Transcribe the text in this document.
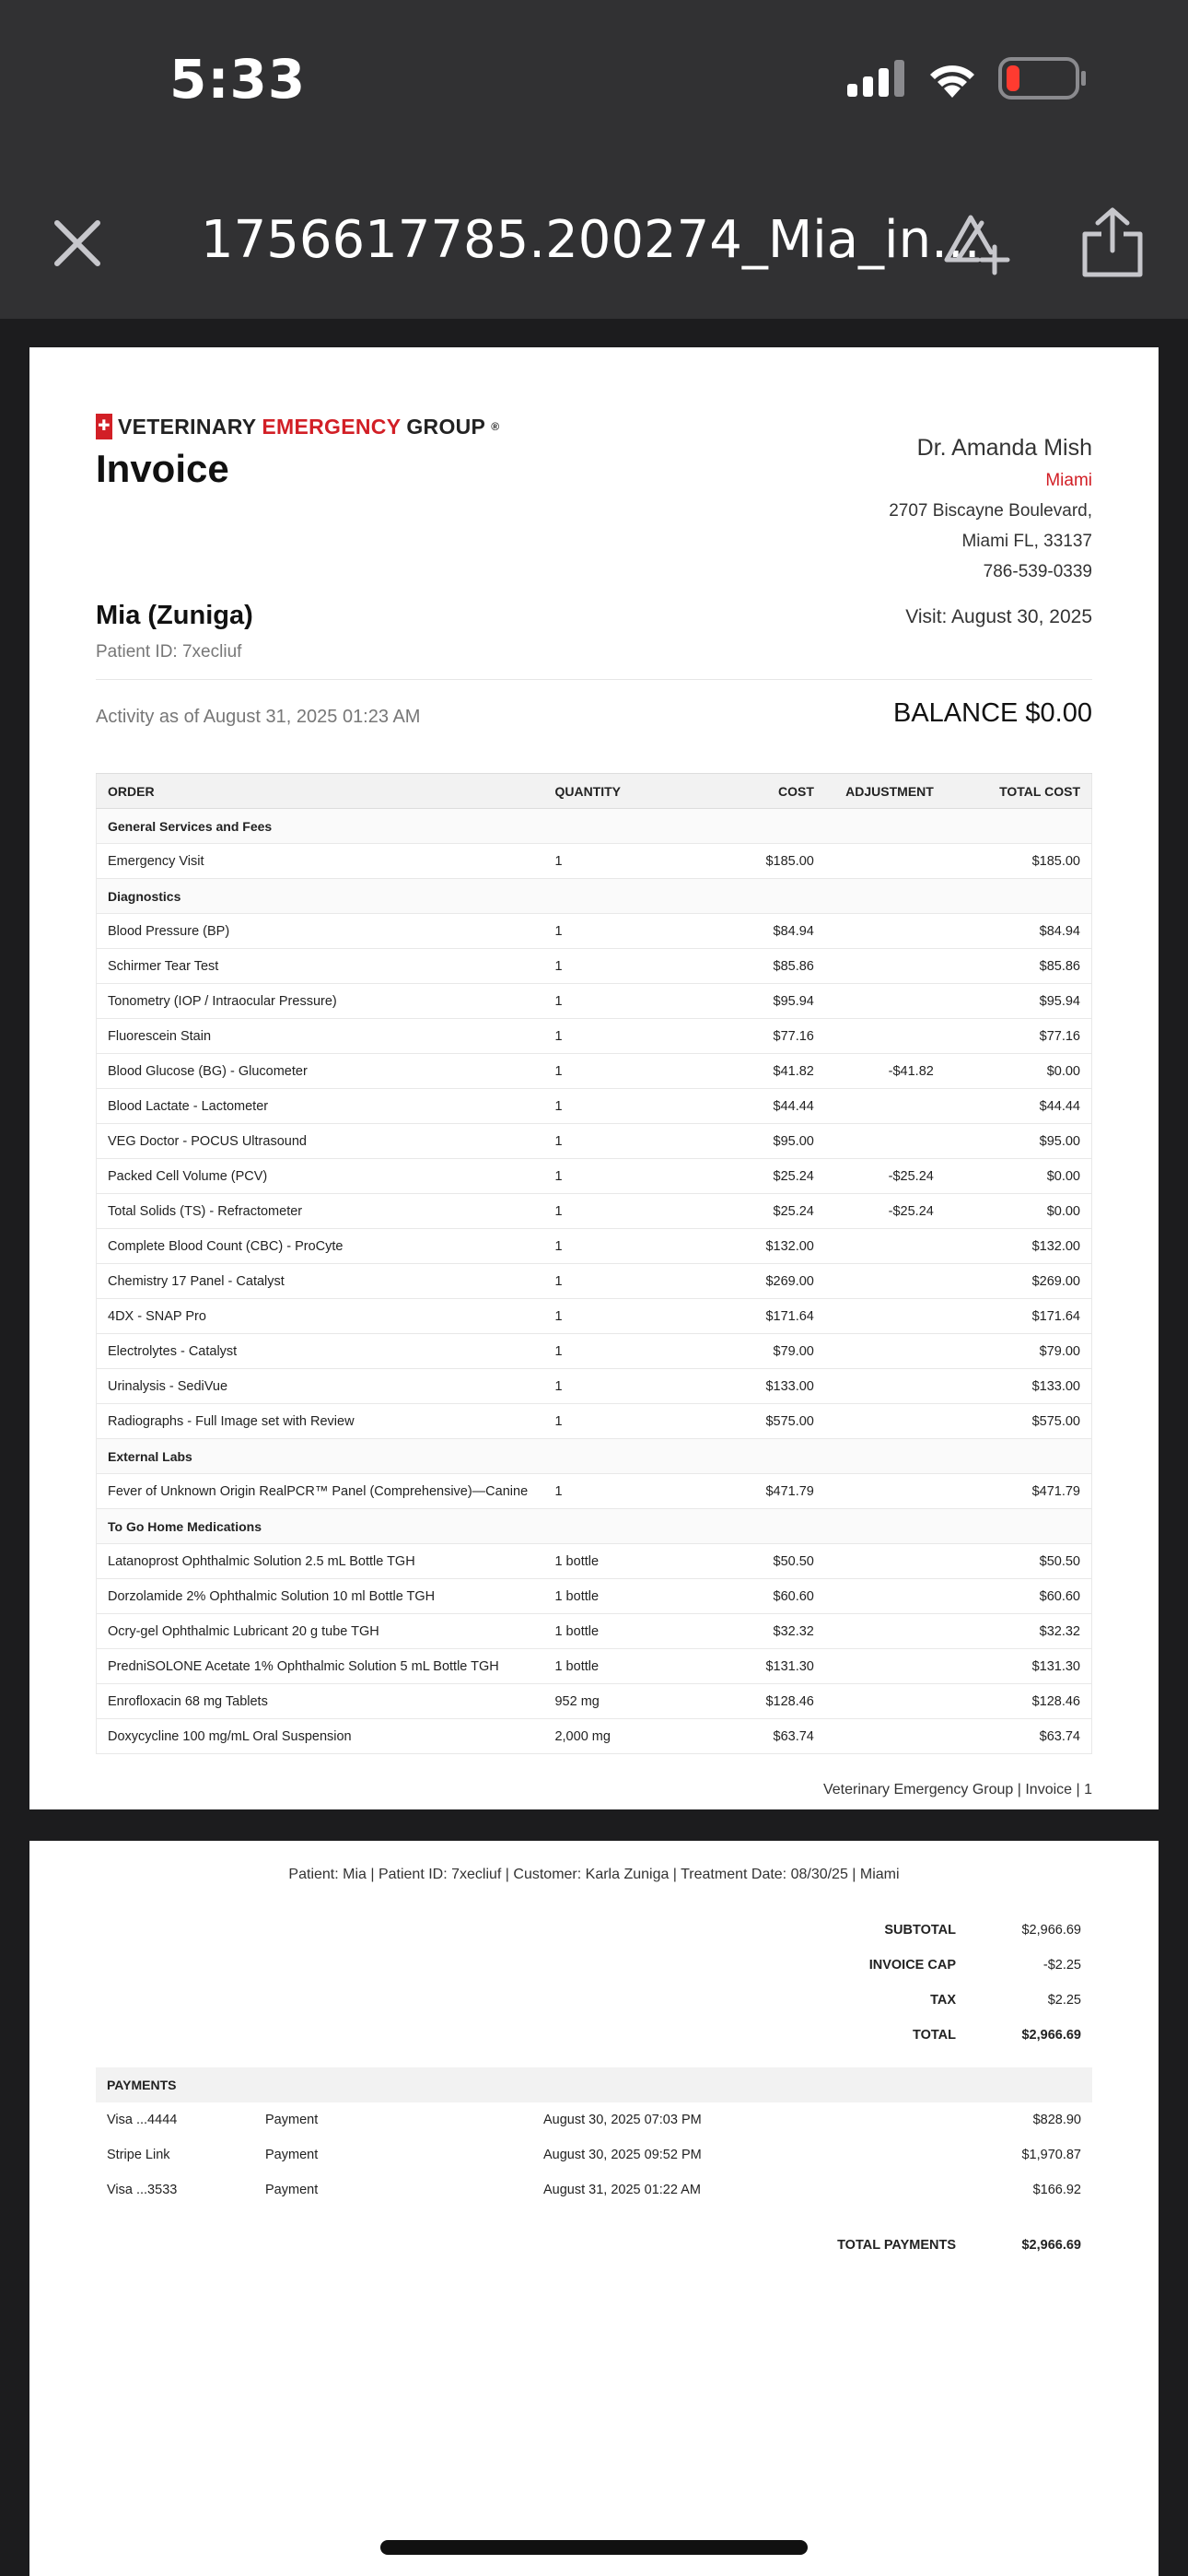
5:33
1756617785.200274_Mia_in...
✚ VETERINARY EMERGENCY GROUP ®
Invoice	Dr. Amanda Mish
Miami
2707 Biscayne Boulevard,
Miami FL, 33137
786-539-0339
Mia (Zuniga)
Patient ID: 7xecliuf
Visit: August 30, 2025
Activity as of August 31, 2025 01:23 AM	BALANCE $0.00
ORDER	QUANTITY	COST	ADJUSTMENT	TOTAL COST
General Services and Fees				
Emergency Visit	1	$185.00		$185.00
Diagnostics				
Blood Pressure (BP)	1	$84.94		$84.94
Schirmer Tear Test	1	$85.86		$85.86
Tonometry (IOP / Intraocular Pressure)	1	$95.94		$95.94
Fluorescein Stain	1	$77.16		$77.16
Blood Glucose (BG) - Glucometer	1	$41.82	-$41.82	$0.00
Blood Lactate - Lactometer	1	$44.44		$44.44
VEG Doctor - POCUS Ultrasound	1	$95.00		$95.00
Packed Cell Volume (PCV)	1	$25.24	-$25.24	$0.00
Total Solids (TS) - Refractometer	1	$25.24	-$25.24	$0.00
Complete Blood Count (CBC) - ProCyte	1	$132.00		$132.00
Chemistry 17 Panel - Catalyst	1	$269.00		$269.00
4DX - SNAP Pro	1	$171.64		$171.64
Electrolytes - Catalyst	1	$79.00		$79.00
Urinalysis - SediVue	1	$133.00		$133.00
Radiographs - Full Image set with Review	1	$575.00		$575.00
External Labs				
Fever of Unknown Origin RealPCR™ Panel (Comprehensive)—Canine	1	$471.79		$471.79
To Go Home Medications				
Latanoprost Ophthalmic Solution 2.5 mL Bottle TGH	1 bottle	$50.50		$50.50
Dorzolamide 2% Ophthalmic Solution 10 ml Bottle TGH	1 bottle	$60.60		$60.60
Ocry-gel Ophthalmic Lubricant 20 g tube TGH	1 bottle	$32.32		$32.32
PredniSOLONE Acetate 1% Ophthalmic Solution 5 mL Bottle TGH	1 bottle	$131.30		$131.30
Enrofloxacin 68 mg Tablets	952 mg	$128.46		$128.46
Doxycycline 100 mg/mL Oral Suspension	2,000 mg	$63.74		$63.74
Veterinary Emergency Group | Invoice | 1
Patient: Mia | Patient ID: 7xecliuf | Customer: Karla Zuniga | Treatment Date: 08/30/25 | Miami
SUBTOTAL	$2,966.69
INVOICE CAP	-$2.25
TAX	$2.25
TOTAL	$2,966.69
PAYMENTS
Visa ...4444	Payment	August 30, 2025 07:03 PM	$828.90
Stripe Link	Payment	August 30, 2025 09:52 PM	$1,970.87
Visa ...3533	Payment	August 31, 2025 01:22 AM	$166.92
TOTAL PAYMENTS	$2,966.69
